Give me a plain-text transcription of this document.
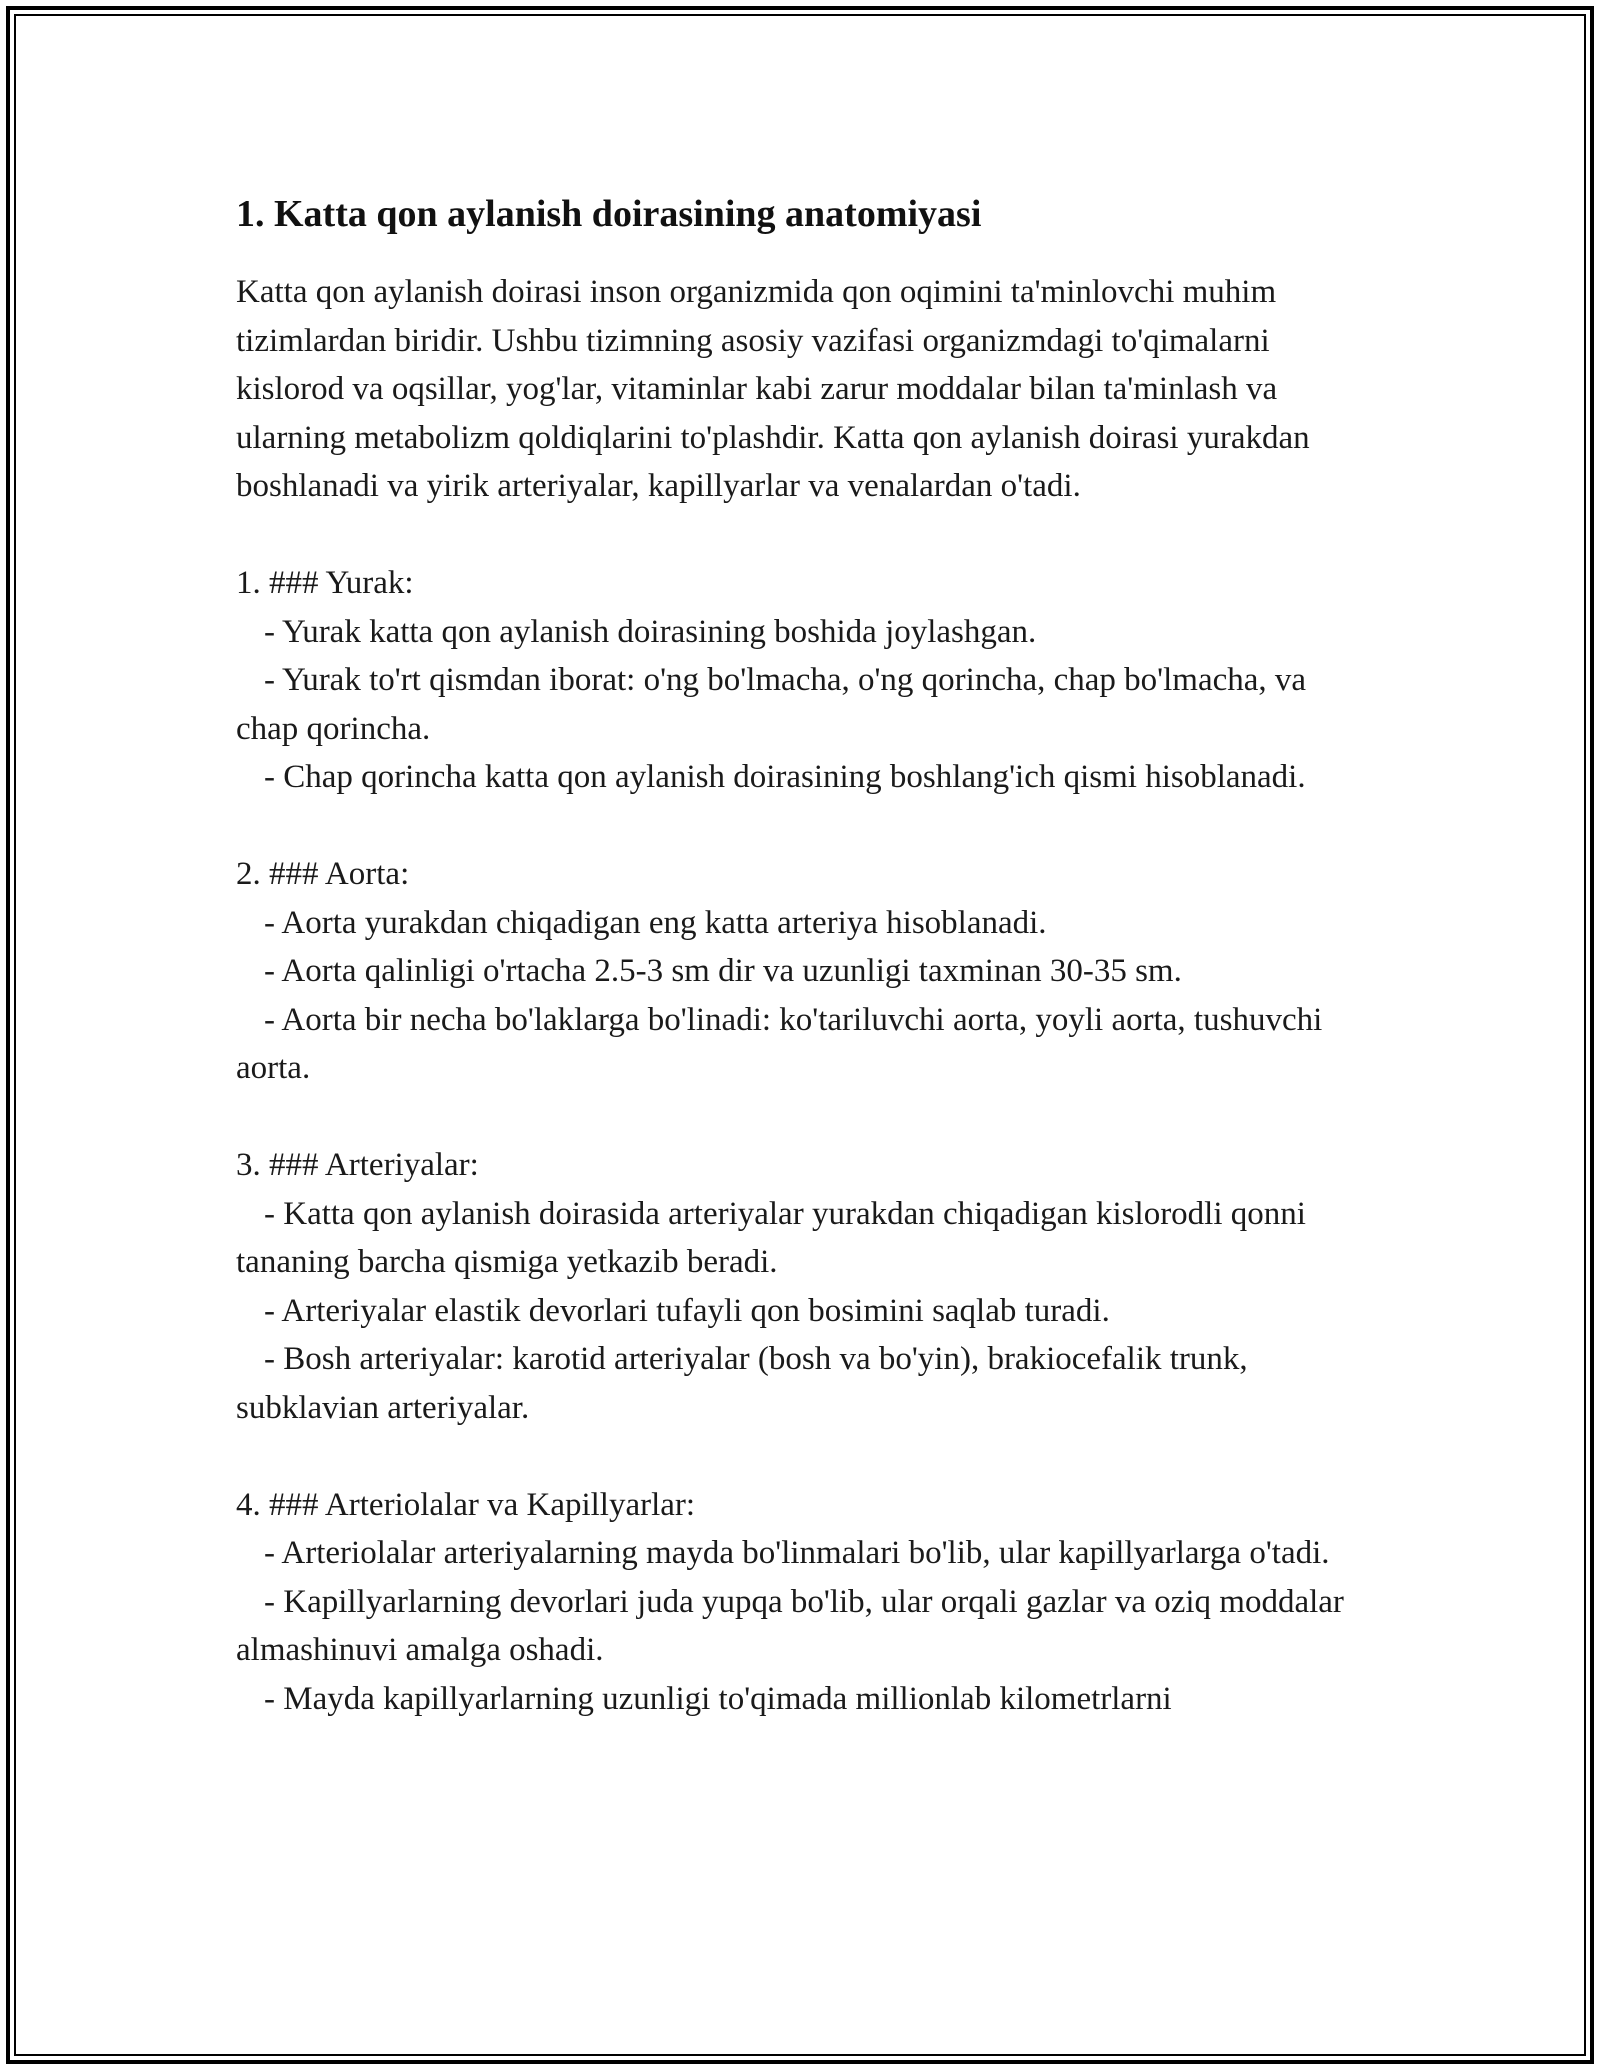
1. Katta qon aylanish doirasining anatomiyasi

Katta qon aylanish doirasi inson organizmida qon oqimini ta'minlovchi muhim tizimlardan biridir. Ushbu tizimning asosiy vazifasi organizmdagi to'qimalarni kislorod va oqsillar, yog'lar, vitaminlar kabi zarur moddalar bilan ta'minlash va ularning metabolizm qoldiqlarini to'plashdir. Katta qon aylanish doirasi yurakdan boshlanadi va yirik arteriyalar, kapillyarlar va venalardan o'tadi.

1. ### Yurak:

- Yurak katta qon aylanish doirasining boshida joylashgan.

- Yurak to'rt qismdan iborat: o'ng bo'lmacha, o'ng qorincha, chap bo'lmacha, va chap qorincha.

- Chap qorincha katta qon aylanish doirasining boshlang'ich qismi hisoblanadi.

2. ### Aorta:

- Aorta yurakdan chiqadigan eng katta arteriya hisoblanadi.

- Aorta qalinligi o'rtacha 2.5-3 sm dir va uzunligi taxminan 30-35 sm.

- Aorta bir necha bo'laklarga bo'linadi: ko'tariluvchi aorta, yoyli aorta, tushuvchi aorta.

3. ### Arteriyalar:

- Katta qon aylanish doirasida arteriyalar yurakdan chiqadigan kislorodli qonni tananing barcha qismiga yetkazib beradi.

- Arteriyalar elastik devorlari tufayli qon bosimini saqlab turadi.

- Bosh arteriyalar: karotid arteriyalar (bosh va bo'yin), brakiocefalik trunk, subklavian arteriyalar.

4. ### Arteriolalar va Kapillyarlar:

- Arteriolalar arteriyalarning mayda bo'linmalari bo'lib, ular kapillyarlarga o'tadi.

- Kapillyarlarning devorlari juda yupqa bo'lib, ular orqali gazlar va oziq moddalar almashinuvi amalga oshadi.

- Mayda kapillyarlarning uzunligi to'qimada millionlab kilometrlarni
